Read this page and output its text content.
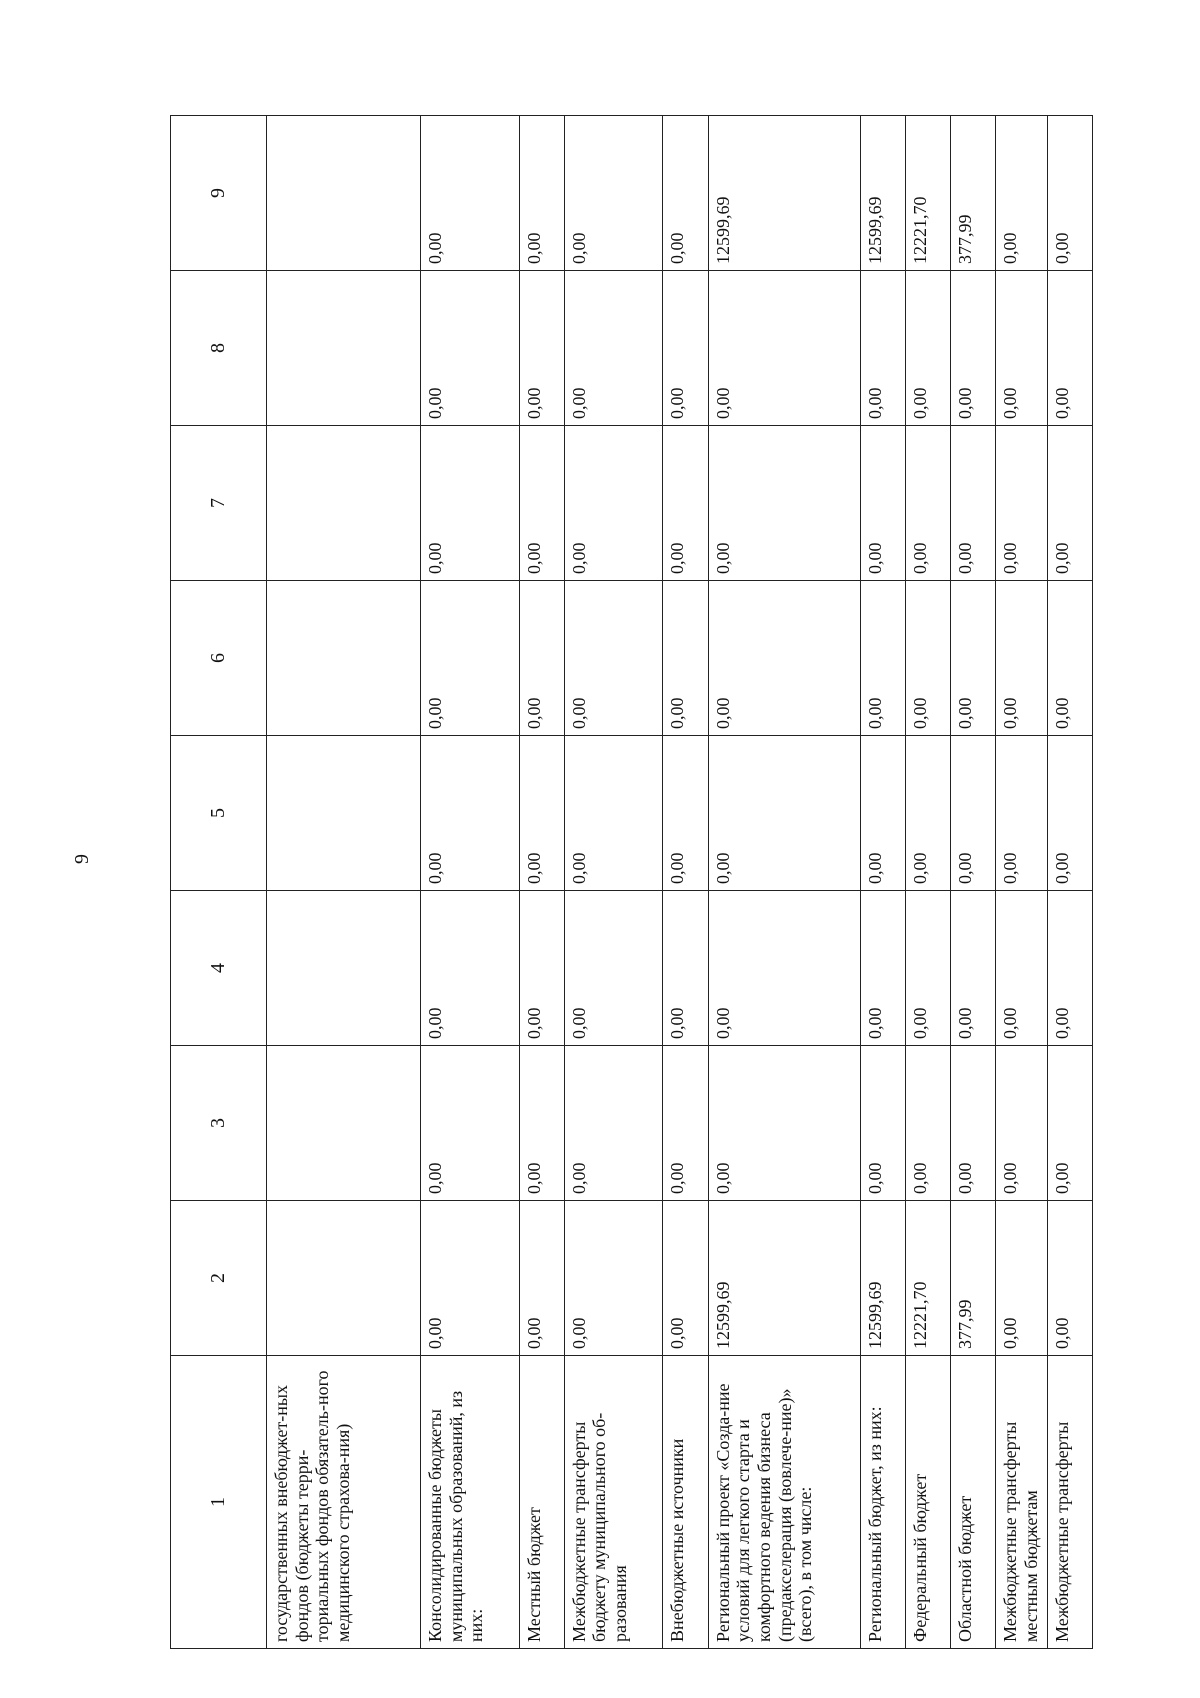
9
1	2	3	4	5	6	7	8	9
государственных внебюджет-ных фондов (бюджеты терри-ториальных фондов обязатель-ного медицинского страхова-ния)								
Консолидированные бюджеты муниципальных образований, из них:	0,00	0,00	0,00	0,00	0,00	0,00	0,00	0,00
Местный бюджет	0,00	0,00	0,00	0,00	0,00	0,00	0,00	0,00
Межбюджетные трансферты бюджету муниципального об-разования	0,00	0,00	0,00	0,00	0,00	0,00	0,00	0,00
Внебюджетные источники	0,00	0,00	0,00	0,00	0,00	0,00	0,00	0,00
Региональный проект «Созда-ние условий для легкого старта и комфортного ведения бизнеса (предакселерация (вовлече-ние)» (всего), в том числе:	12599,69	0,00	0,00	0,00	0,00	0,00	0,00	12599,69
Региональный бюджет, из них:	12599,69	0,00	0,00	0,00	0,00	0,00	0,00	12599,69
Федеральный бюджет	12221,70	0,00	0,00	0,00	0,00	0,00	0,00	12221,70
Областной бюджет	377,99	0,00	0,00	0,00	0,00	0,00	0,00	377,99
Межбюджетные трансферты местным бюджетам	0,00	0,00	0,00	0,00	0,00	0,00	0,00	0,00
Межбюджетные трансферты	0,00	0,00	0,00	0,00	0,00	0,00	0,00	0,00
